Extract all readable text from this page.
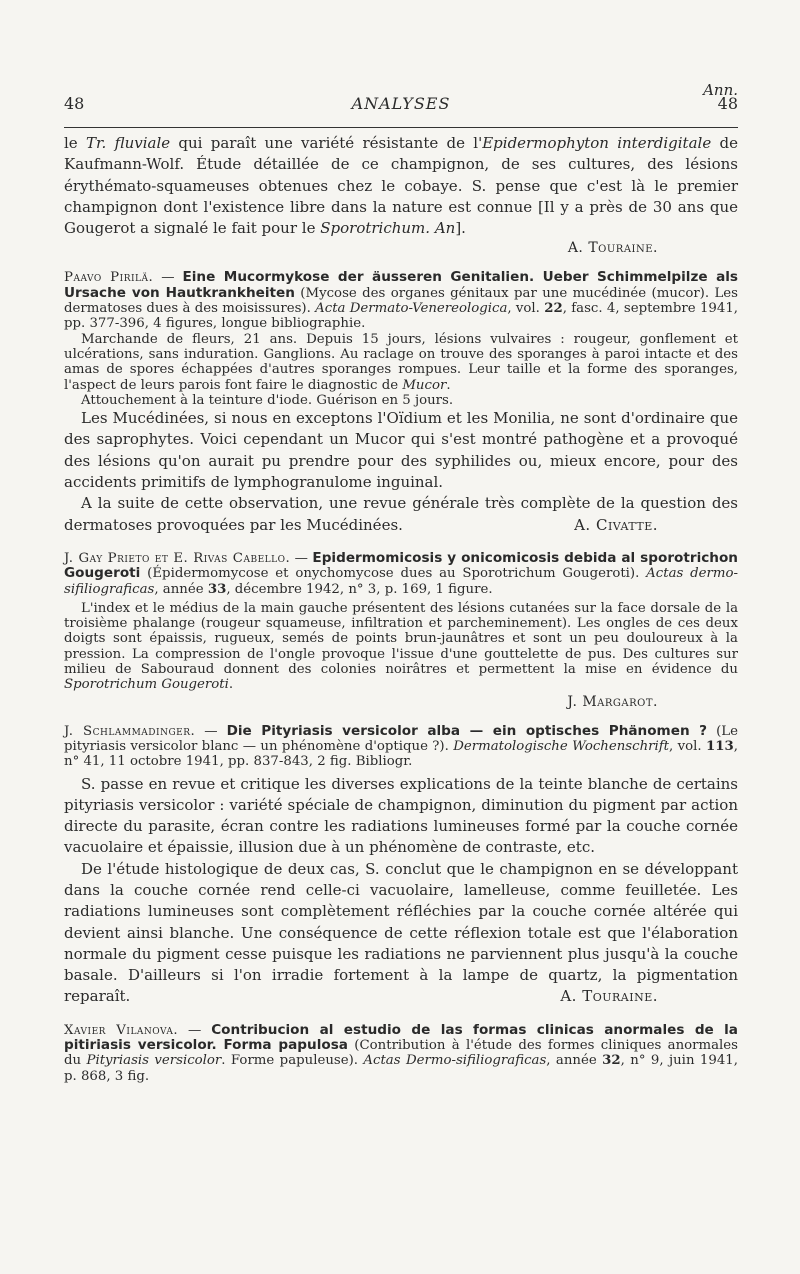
Ann.
48	ANALYSES	48

le Tr. fluviale qui paraît une variété résistante de l'Epidermophyton interdigitale de Kaufmann-Wolf. Étude détaillée de ce champignon, de ses cultures, des lésions érythémato-squameuses obtenues chez le cobaye. S. pense que c'est là le premier champignon dont l'existence libre dans la nature est connue [Il y a près de 30 ans que Gougerot a signalé le fait pour le Sporotrichum. An].

A. Touraine.

Paavo Pirilä. — Eine Mucormykose der äusseren Genitalien. Ueber Schimmelpilze als Ursache von Hautkrankheiten (Mycose des organes génitaux par une mucédinée (mucor). Les dermatoses dues à des moisissures). Acta Dermato-Venereologica, vol. 22, fasc. 4, septembre 1941, pp. 377-396, 4 figures, longue bibliographie.

Marchande de fleurs, 21 ans. Depuis 15 jours, lésions vulvaires : rougeur, gonflement et ulcérations, sans induration. Ganglions. Au raclage on trouve des sporanges à paroi intacte et des amas de spores échappées d'autres sporanges rompues. Leur taille et la forme des sporanges, l'aspect de leurs parois font faire le diagnostic de Mucor.

Attouchement à la teinture d'iode. Guérison en 5 jours.

Les Mucédinées, si nous en exceptons l'Oïdium et les Monilia, ne sont d'ordinaire que des saprophytes. Voici cependant un Mucor qui s'est montré pathogène et a provoqué des lésions qu'on aurait pu prendre pour des syphilides ou, mieux encore, pour des accidents primitifs de lymphogranulome inguinal.

A la suite de cette observation, une revue générale très complète de la question des dermatoses provoquées par les Mucédinées.	A. Civatte.

J. Gay Prieto et E. Rivas Cabello. — Epidermomicosis y onicomicosis debida al sporotrichon Gougeroti (Épidermomycose et onychomycose dues au Sporotrichum Gougeroti). Actas dermo-sifiliograficas, année 33, décembre 1942, n° 3, p. 169, 1 figure.

L'index et le médius de la main gauche présentent des lésions cutanées sur la face dorsale de la troisième phalange (rougeur squameuse, infiltration et parcheminement). Les ongles de ces deux doigts sont épaissis, rugueux, semés de points brun-jaunâtres et sont un peu douloureux à la pression. La compression de l'ongle provoque l'issue d'une gouttelette de pus. Des cultures sur milieu de Sabouraud donnent des colonies noirâtres et permettent la mise en évidence du Sporotrichum Gougeroti.

J. Margarot.

J. Schlammadinger. — Die Pityriasis versicolor alba — ein optisches Phänomen ? (Le pityriasis versicolor blanc — un phénomène d'optique ?). Dermatologische Wochenschrift, vol. 113, n° 41, 11 octobre 1941, pp. 837-843, 2 fig. Bibliogr.

S. passe en revue et critique les diverses explications de la teinte blanche de certains pityriasis versicolor : variété spéciale de champignon, diminution du pigment par action directe du parasite, écran contre les radiations lumineuses formé par la couche cornée vacuolaire et épaissie, illusion due à un phénomène de contraste, etc.

De l'étude histologique de deux cas, S. conclut que le champignon en se développant dans la couche cornée rend celle-ci vacuolaire, lamelleuse, comme feuilletée. Les radiations lumineuses sont complètement réfléchies par la couche cornée altérée qui devient ainsi blanche. Une conséquence de cette réflexion totale est que l'élaboration normale du pigment cesse puisque les radiations ne parviennent plus jusqu'à la couche basale. D'ailleurs si l'on irradie fortement à la lampe de quartz, la pigmentation reparaît.	A. Touraine.

Xavier Vilanova. — Contribucion al estudio de las formas clinicas anormales de la pitiriasis versicolor. Forma papulosa (Contribution à l'étude des formes cliniques anormales du Pityriasis versicolor. Forme papuleuse). Actas Dermo-sifiliograficas, année 32, n° 9, juin 1941, p. 868, 3 fig.
